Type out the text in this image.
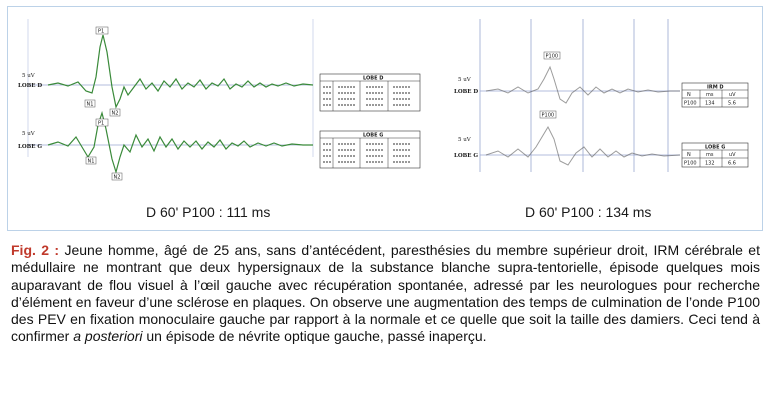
5 uV
LOBE D
5 uV
LOBE G
P1
N1
N2
P1
N1
N2
LOBE D
LOBE G
D 60' P100 : 111 ms
5 uV
LOBE D
5 uV
LOBE G
P100
P100
IRM D
N	ms	uV
P100 134	5.6
LOBE G
N	ms	uV
P100 132	6.6
D 60' P100 : 134 ms
Fig. 2 : Jeune homme, âgé de 25 ans, sans d’antécédent, paresthésies du membre supérieur droit, IRM cérébrale et médullaire ne montrant que deux hypersignaux de la substance blanche supra-tentorielle, épisode quelques mois auparavant de flou visuel à l’œil gauche avec récupération spontanée, adressé par les neurologues pour recherche d’élément en faveur d’une sclérose en plaques. On observe une augmentation des temps de culmination de l’onde P100 des PEV en fixation monoculaire gauche par rapport à la normale et ce quelle que soit la taille des damiers. Ceci tend à confirmer a posteriori un épisode de névrite optique gauche, passé inaperçu.
